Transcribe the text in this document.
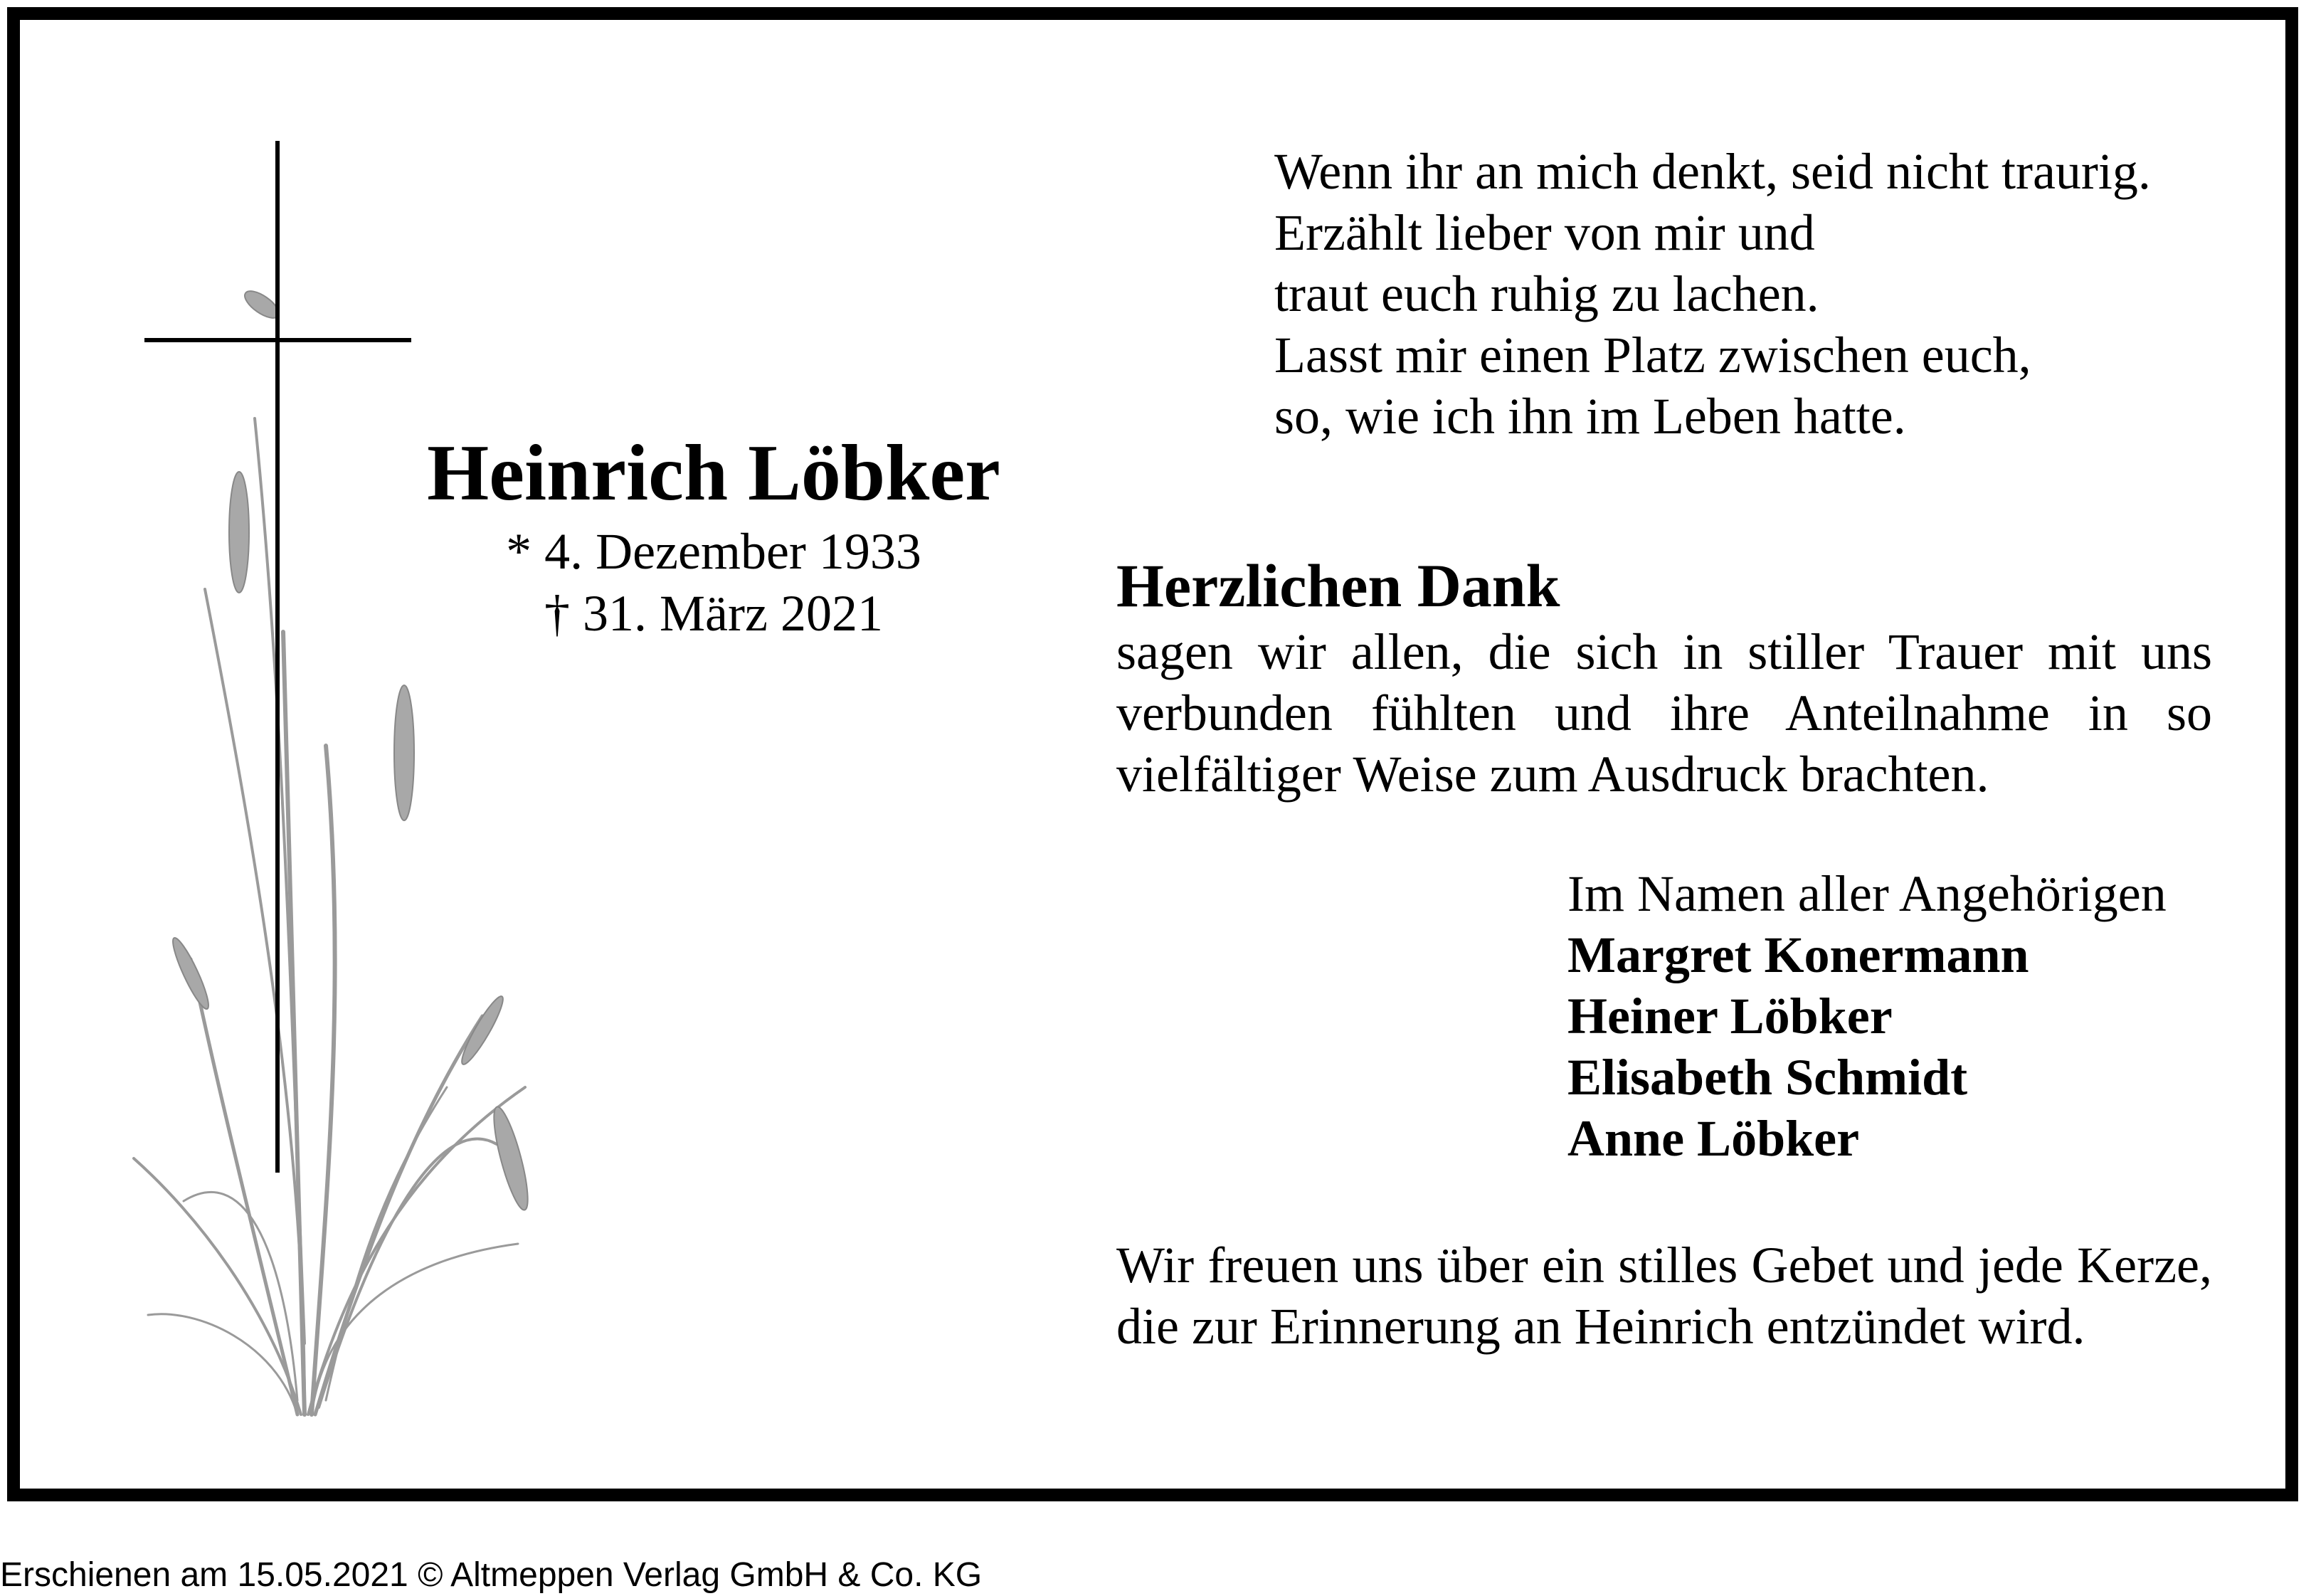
Heinrich Löbker
* 4. Dezember 1933
† 31. März 2021
Wenn ihr an mich denkt, seid nicht traurig.
Erzählt lieber von mir und
traut euch ruhig zu lachen.
Lasst mir einen Platz zwischen euch,
so, wie ich ihn im Leben hatte.
Herzlichen Dank
sagen wir allen, die sich in stiller Trauer mit uns verbunden fühlten und ihre Anteilnahme in so vielfältiger Weise zum Ausdruck brachten.
Im Namen aller Angehörigen
Margret Konermann
Heiner Löbker
Elisabeth Schmidt
Anne Löbker
Wir freuen uns über ein stilles Gebet und jede Kerze, die zur Erinnerung an Heinrich entzündet wird.
Erschienen am 15.05.2021 © Altmeppen Verlag GmbH & Co. KG
